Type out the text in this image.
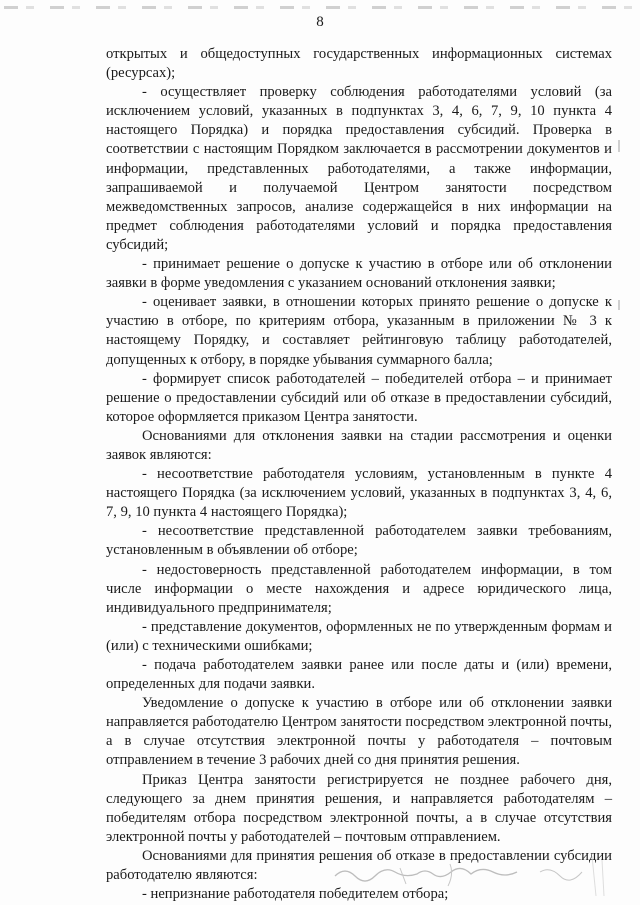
8

открытых и общедоступных государственных информационных системах (ресурсах);

- осуществляет проверку соблюдения работодателями условий (за исключением условий, указанных в подпунктах 3, 4, 6, 7, 9, 10 пункта 4 настоящего Порядка) и порядка предоставления субсидий. Проверка в соответствии с настоящим Порядком заключается в рассмотрении документов и информации, представленных работодателями, а также информации, запрашиваемой и получаемой Центром занятости посредством межведомственных запросов, анализе содержащейся в них информации на предмет соблюдения работодателями условий и порядка предоставления субсидий;

- принимает решение о допуске к участию в отборе или об отклонении заявки в форме уведомления с указанием оснований отклонения заявки;

- оценивает заявки, в отношении которых принято решение о допуске к участию в отборе, по критериям отбора, указанным в приложении № 3 к настоящему Порядку, и составляет рейтинговую таблицу работодателей, допущенных к отбору, в порядке убывания суммарного балла;

- формирует список работодателей – победителей отбора – и принимает решение о предоставлении субсидий или об отказе в предоставлении субсидий, которое оформляется приказом Центра занятости.

Основаниями для отклонения заявки на стадии рассмотрения и оценки заявок являются:

- несоответствие работодателя условиям, установленным в пункте 4 настоящего Порядка (за исключением условий, указанных в подпунктах 3, 4, 6, 7, 9, 10 пункта 4 настоящего Порядка);

- несоответствие представленной работодателем заявки требованиям, установленным в объявлении об отборе;

- недостоверность представленной работодателем информации, в том числе информации о месте нахождения и адресе юридического лица, индивидуального предпринимателя;

- представление документов, оформленных не по утвержденным формам и (или) с техническими ошибками;

- подача работодателем заявки ранее или после даты и (или) времени, определенных для подачи заявки.

Уведомление о допуске к участию в отборе или об отклонении заявки направляется работодателю Центром занятости посредством электронной почты, а в случае отсутствия электронной почты у работодателя – почтовым отправлением в течение 3 рабочих дней со дня принятия решения.

Приказ Центра занятости регистрируется не позднее рабочего дня, следующего за днем принятия решения, и направляется работодателям – победителям отбора посредством электронной почты, а в случае отсутствия электронной почты у работодателей – почтовым отправлением.

Основаниями для принятия решения об отказе в предоставлении субсидии работодателю являются:

- непризнание работодателя победителем отбора;
